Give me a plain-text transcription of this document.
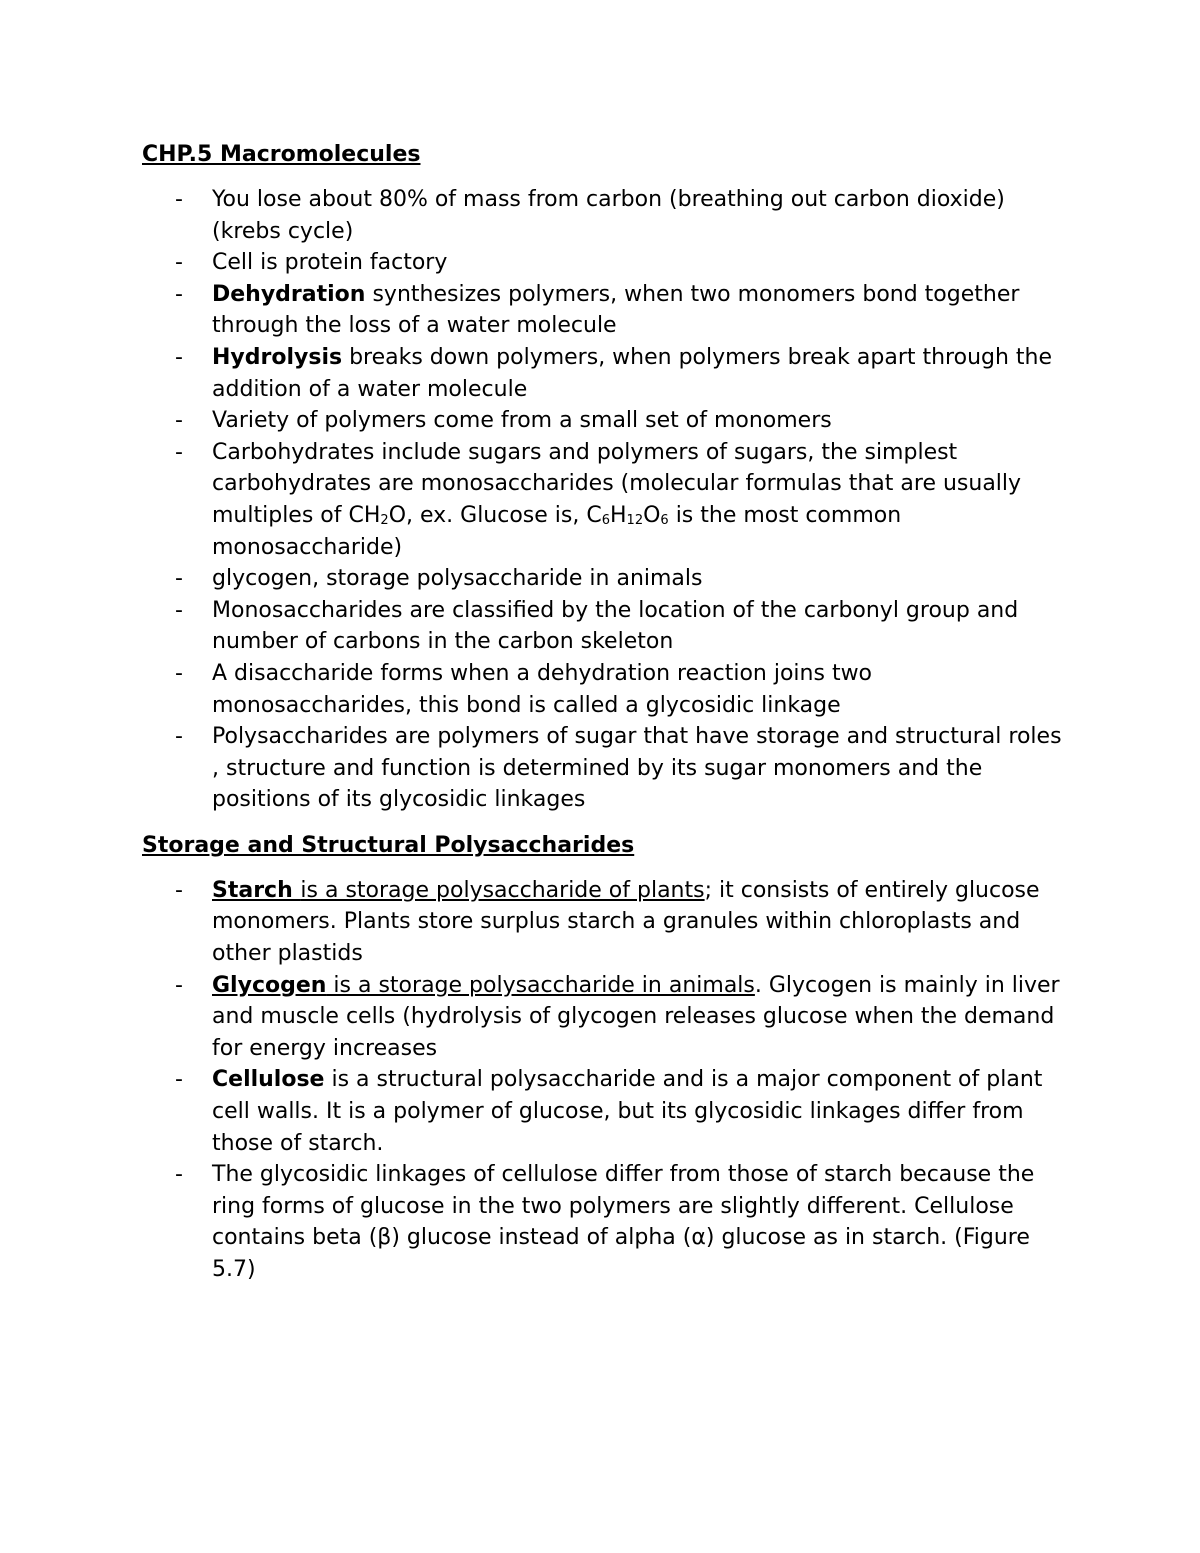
CHP.5 Macromolecules
- You lose about 80% of mass from carbon (breathing out carbon dioxide) (krebs cycle)
- Cell is protein factory
- Dehydration synthesizes polymers, when two monomers bond together through the loss of a water molecule
- Hydrolysis breaks down polymers, when polymers break apart through the addition of a water molecule
- Variety of polymers come from a small set of monomers
- Carbohydrates include sugars and polymers of sugars, the simplest carbohydrates are monosaccharides (molecular formulas that are usually multiples of $CH_2O$, ex. Glucose is, $C_6H_{12}O_6$ is the most common monosaccharide)
- glycogen, storage polysaccharide in animals
- Monosaccharides are classified by the location of the carbonyl group and number of carbons in the carbon skeleton
- A disaccharide forms when a dehydration reaction joins two monosaccharides, this bond is called a glycosidic linkage
- Polysaccharides are polymers of sugar that have storage and structural roles , structure and function is determined by its sugar monomers and the positions of its glycosidic linkages
Storage and Structural Polysaccharides
- Starch is a storage polysaccharide of plants; it consists of entirely glucose monomers. Plants store surplus starch a granules within chloroplasts and other plastids
- Glycogen is a storage polysaccharide in animals. Glycogen is mainly in liver and muscle cells (hydrolysis of glycogen releases glucose when the demand for energy increases
- Cellulose is a structural polysaccharide and is a major component of plant cell walls. It is a polymer of glucose, but its glycosidic linkages differ from those of starch.
- The glycosidic linkages of cellulose differ from those of starch because the ring forms of glucose in the two polymers are slightly different. Cellulose contains beta (β) glucose instead of alpha (α) glucose as in starch. (Figure 5.7)
